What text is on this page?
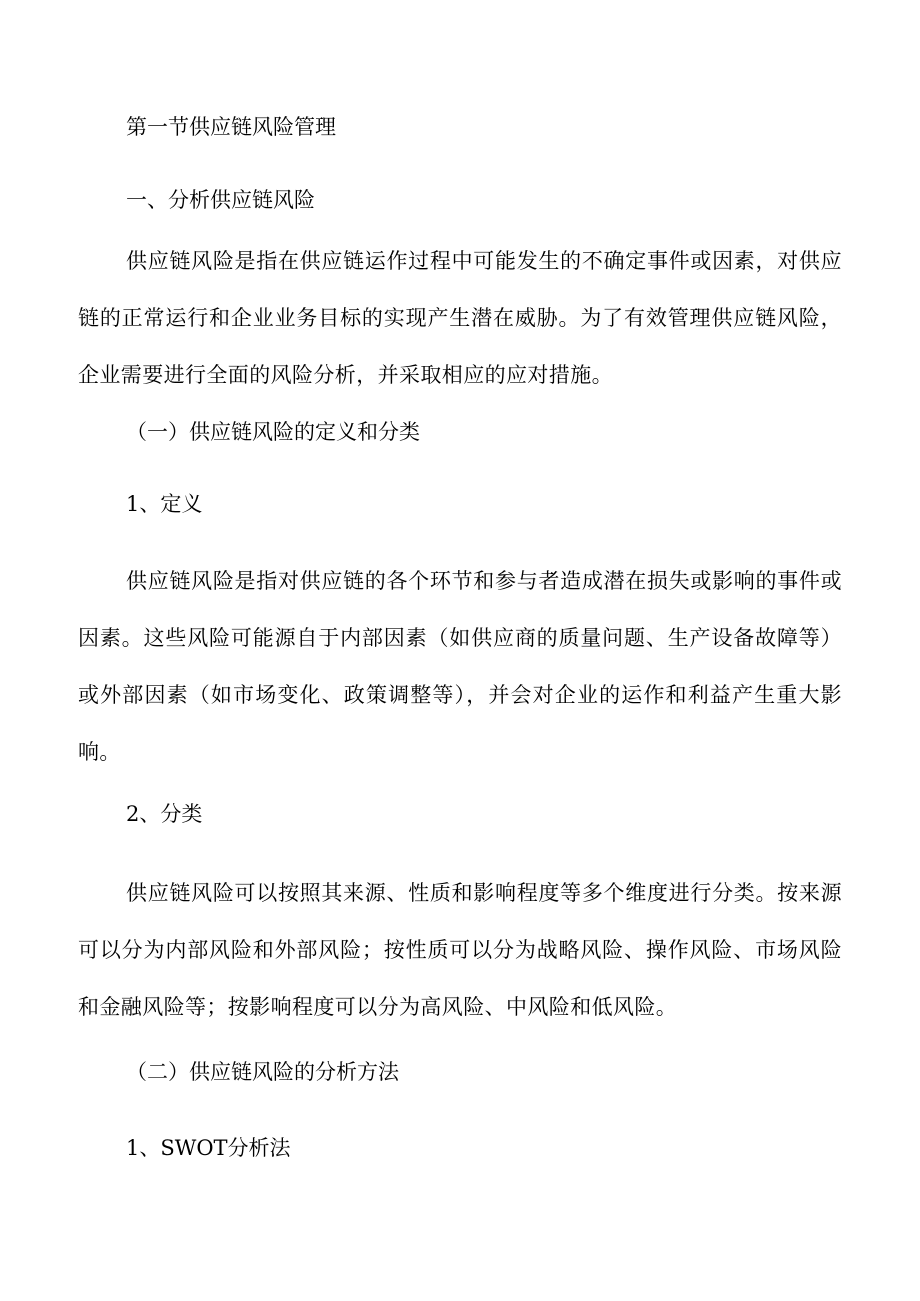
第一节供应链风险管理

一、分析供应链风险

供应链风险是指在供应链运作过程中可能发生的不确定事件或因素，对供应链的正常运行和企业业务目标的实现产生潜在威胁。为了有效管理供应链风险，企业需要进行全面的风险分析，并采取相应的应对措施。

（一）供应链风险的定义和分类

1、定义

供应链风险是指对供应链的各个环节和参与者造成潜在损失或影响的事件或因素。这些风险可能源自于内部因素（如供应商的质量问题、生产设备故障等）或外部因素（如市场变化、政策调整等），并会对企业的运作和利益产生重大影响。

2、分类

供应链风险可以按照其来源、性质和影响程度等多个维度进行分类。按来源可以分为内部风险和外部风险；按性质可以分为战略风险、操作风险、市场风险和金融风险等；按影响程度可以分为高风险、中风险和低风险。

（二）供应链风险的分析方法

1、SWOT分析法
